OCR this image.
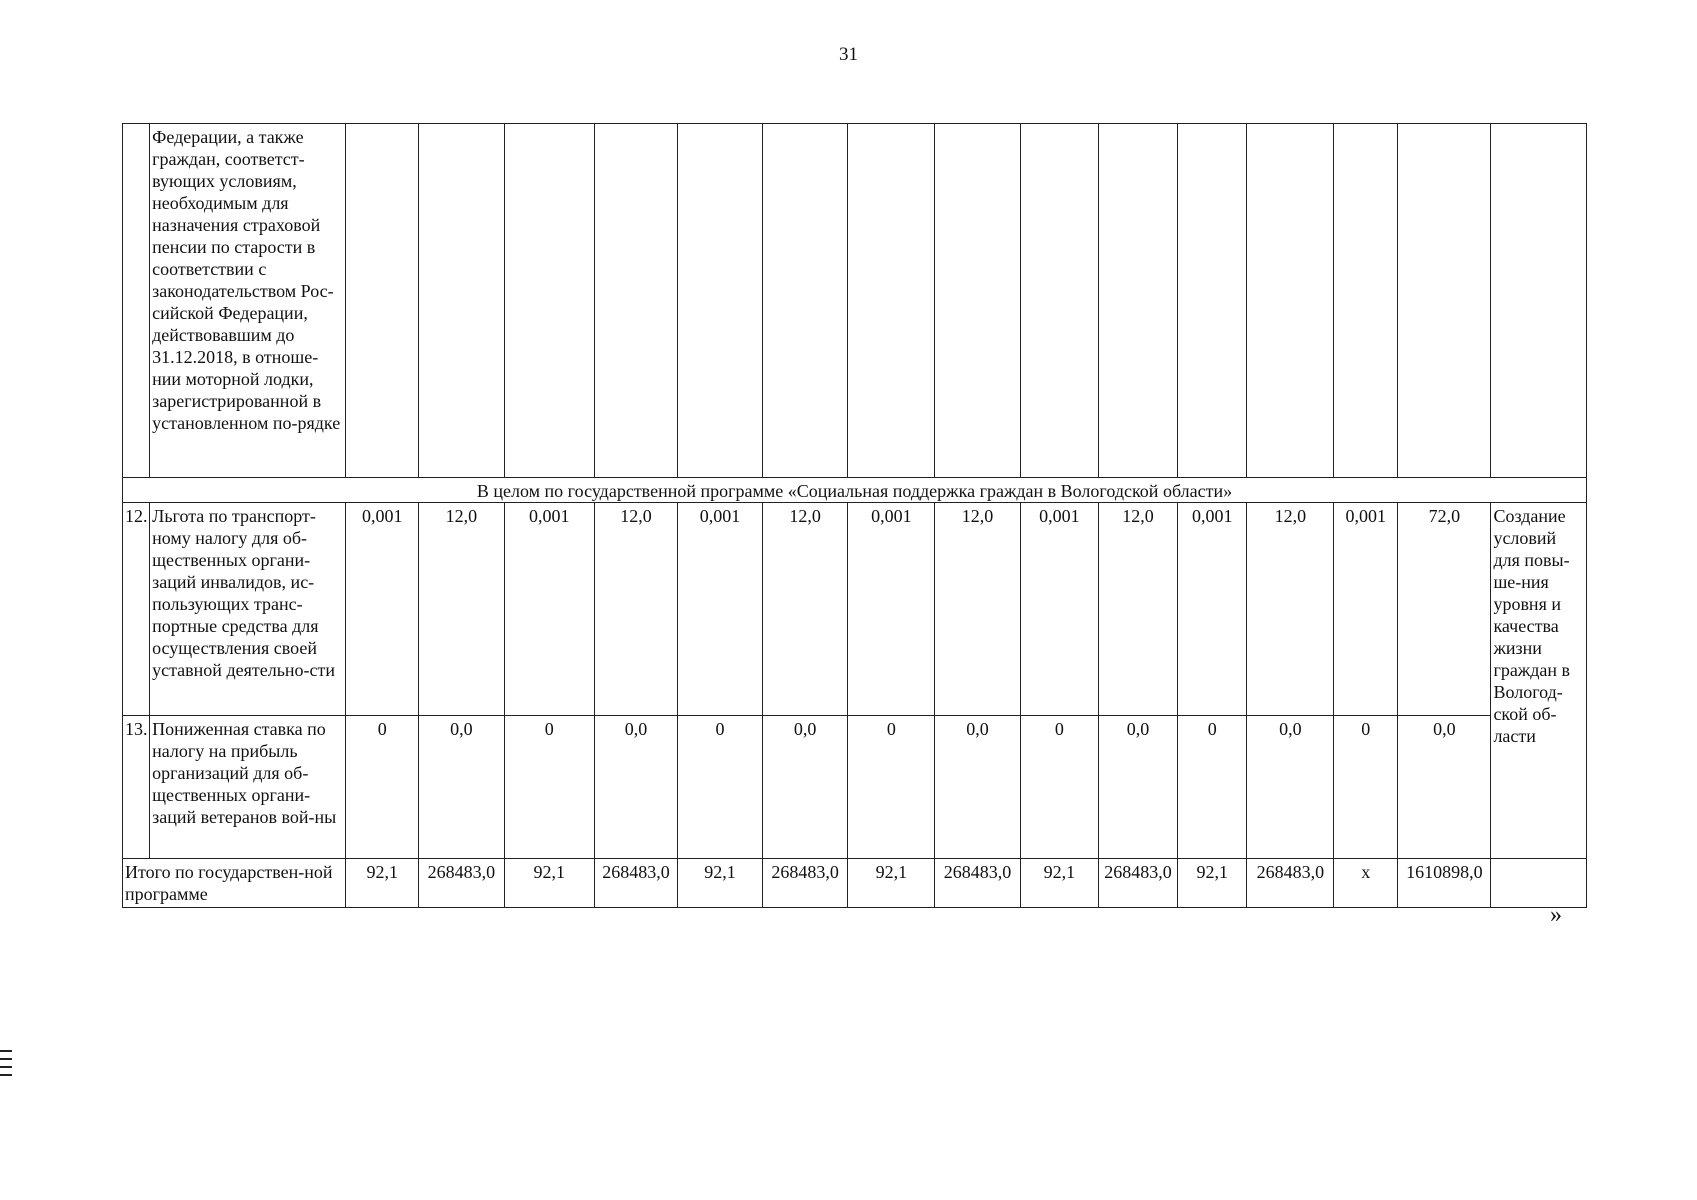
31
	Федерации, а также граждан, соответст-вующих условиям, необходимым для назначения страховой пенсии по старости в соответствии с законодательством Рос-сийской Федерации, действовавшим до 31.12.2018, в отноше-нии моторной лодки, зарегистрированной в установленном по-рядке															
В целом по государственной программе «Социальная поддержка граждан в Вологодской области»																
12.	Льгота по транспорт-ному налогу для об-щественных органи-заций инвалидов, ис-пользующих транс-портные средства для осуществления своей уставной деятельно-сти	0,001	12,0	0,001	12,0	0,001	12,0	0,001	12,0	0,001	12,0	0,001	12,0	0,001	72,0	Создание условий для повы-ше-ния уровня и качества жизни граждан в Вологод-ской об-ласти
13.	Пониженная ставка по налогу на прибыль организаций для об-щественных органи-заций ветеранов вой-ны	0	0,0	0	0,0	0	0,0	0	0,0	0	0,0	0	0,0	0	0,0	
Итого по государствен-ной программе		92,1	268483,0	92,1	268483,0	92,1	268483,0	92,1	268483,0	92,1	268483,0	92,1	268483,0	x	1610898,0	
»
